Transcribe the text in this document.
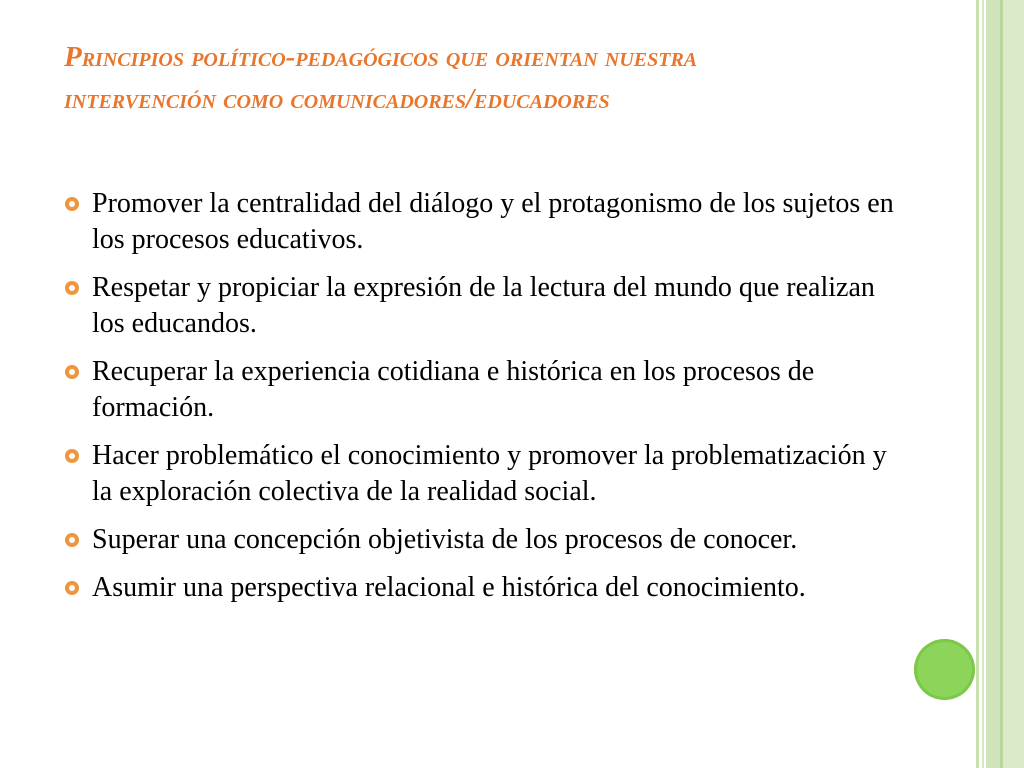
Principios político-pedagógicos que orientan nuestra intervención como comunicadores/educadores
Promover la centralidad del diálogo y el protagonismo de los sujetos en los procesos educativos.
Respetar y propiciar la expresión de la lectura del mundo que realizan los educandos.
Recuperar la experiencia cotidiana e histórica en los procesos de formación.
Hacer problemático el conocimiento y promover la problematización y la exploración colectiva de la realidad social.
Superar una concepción objetivista de los procesos de conocer.
Asumir una perspectiva relacional e histórica del conocimiento.
